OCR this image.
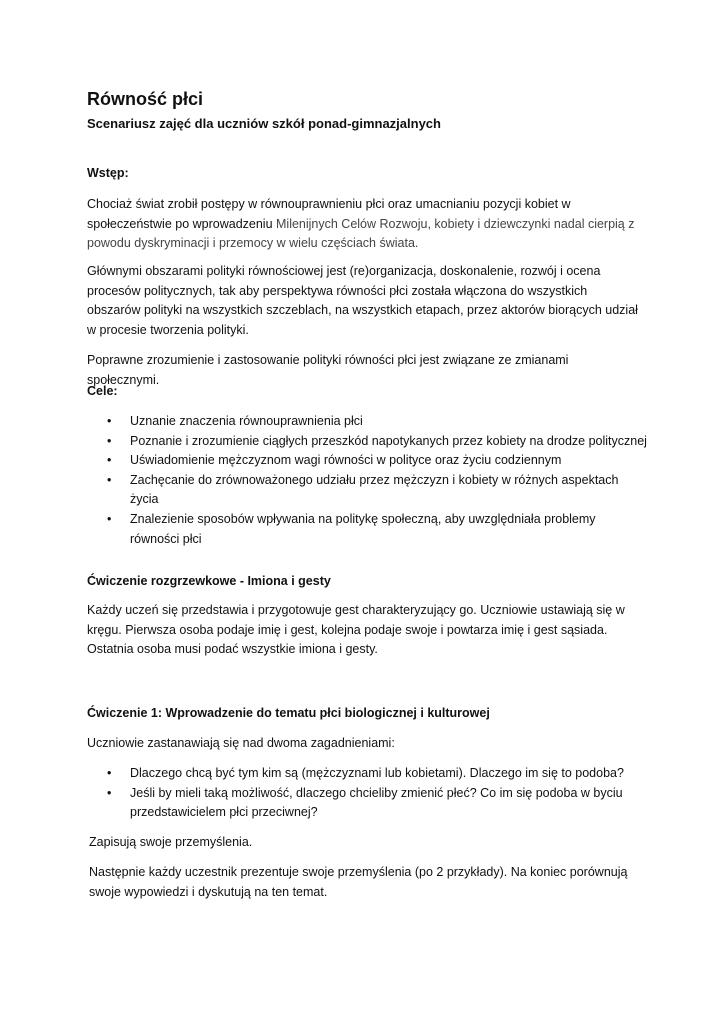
Równość płci
Scenariusz zajęć dla uczniów szkół ponad-gimnazjalnych
Wstęp:

Chociaż świat zrobił postępy w równouprawnieniu płci oraz umacnianiu pozycji kobiet w społeczeństwie po wprowadzeniu Milenijnych Celów Rozwoju, kobiety i dziewczynki nadal cierpią z powodu dyskryminacji i przemocy w wielu częściach świata.

Głównymi obszarami polityki równościowej jest (re)organizacja, doskonalenie, rozwój i ocena procesów politycznych, tak aby perspektywa równości płci została włączona do wszystkich obszarów polityki na wszystkich szczeblach, na wszystkich etapach, przez aktorów biorących udział w procesie tworzenia polityki.

Poprawne zrozumienie i zastosowanie polityki równości płci jest związane ze zmianami społecznymi.

Cele:
• Uznanie znaczenia równouprawnienia płci
• Poznanie i zrozumienie ciągłych przeszkód napotykanych przez kobiety na drodze politycznej
• Uświadomienie mężczyznom wagi równości w polityce oraz życiu codziennym
• Zachęcanie do zrównoważonego udziału przez mężczyzn i kobiety w różnych aspektach życia
• Znalezienie sposobów wpływania na politykę społeczną, aby uwzględniała problemy równości płci
Ćwiczenie rozgrzewkowe - Imiona i gesty

Każdy uczeń się przedstawia i przygotowuje gest charakteryzujący go. Uczniowie ustawiają się w kręgu. Pierwsza osoba podaje imię i gest, kolejna podaje swoje i powtarza imię i gest sąsiada. Ostatnia osoba musi podać wszystkie imiona i gesty.

Ćwiczenie 1: Wprowadzenie do tematu płci biologicznej i kulturowej

Uczniowie zastanawiają się nad dwoma zagadnieniami:

• Dlaczego chcą być tym kim są (mężczyznami lub kobietami). Dlaczego im się to podoba?
• Jeśli by mieli taką możliwość, dlaczego chcieliby zmienić płeć? Co im się podoba w byciu przedstawicielem płci przeciwnej?

Zapisują swoje przemyślenia.

Następnie każdy uczestnik prezentuje swoje przemyślenia (po 2 przykłady). Na koniec porównują swoje wypowiedzi i dyskutują na ten temat.
